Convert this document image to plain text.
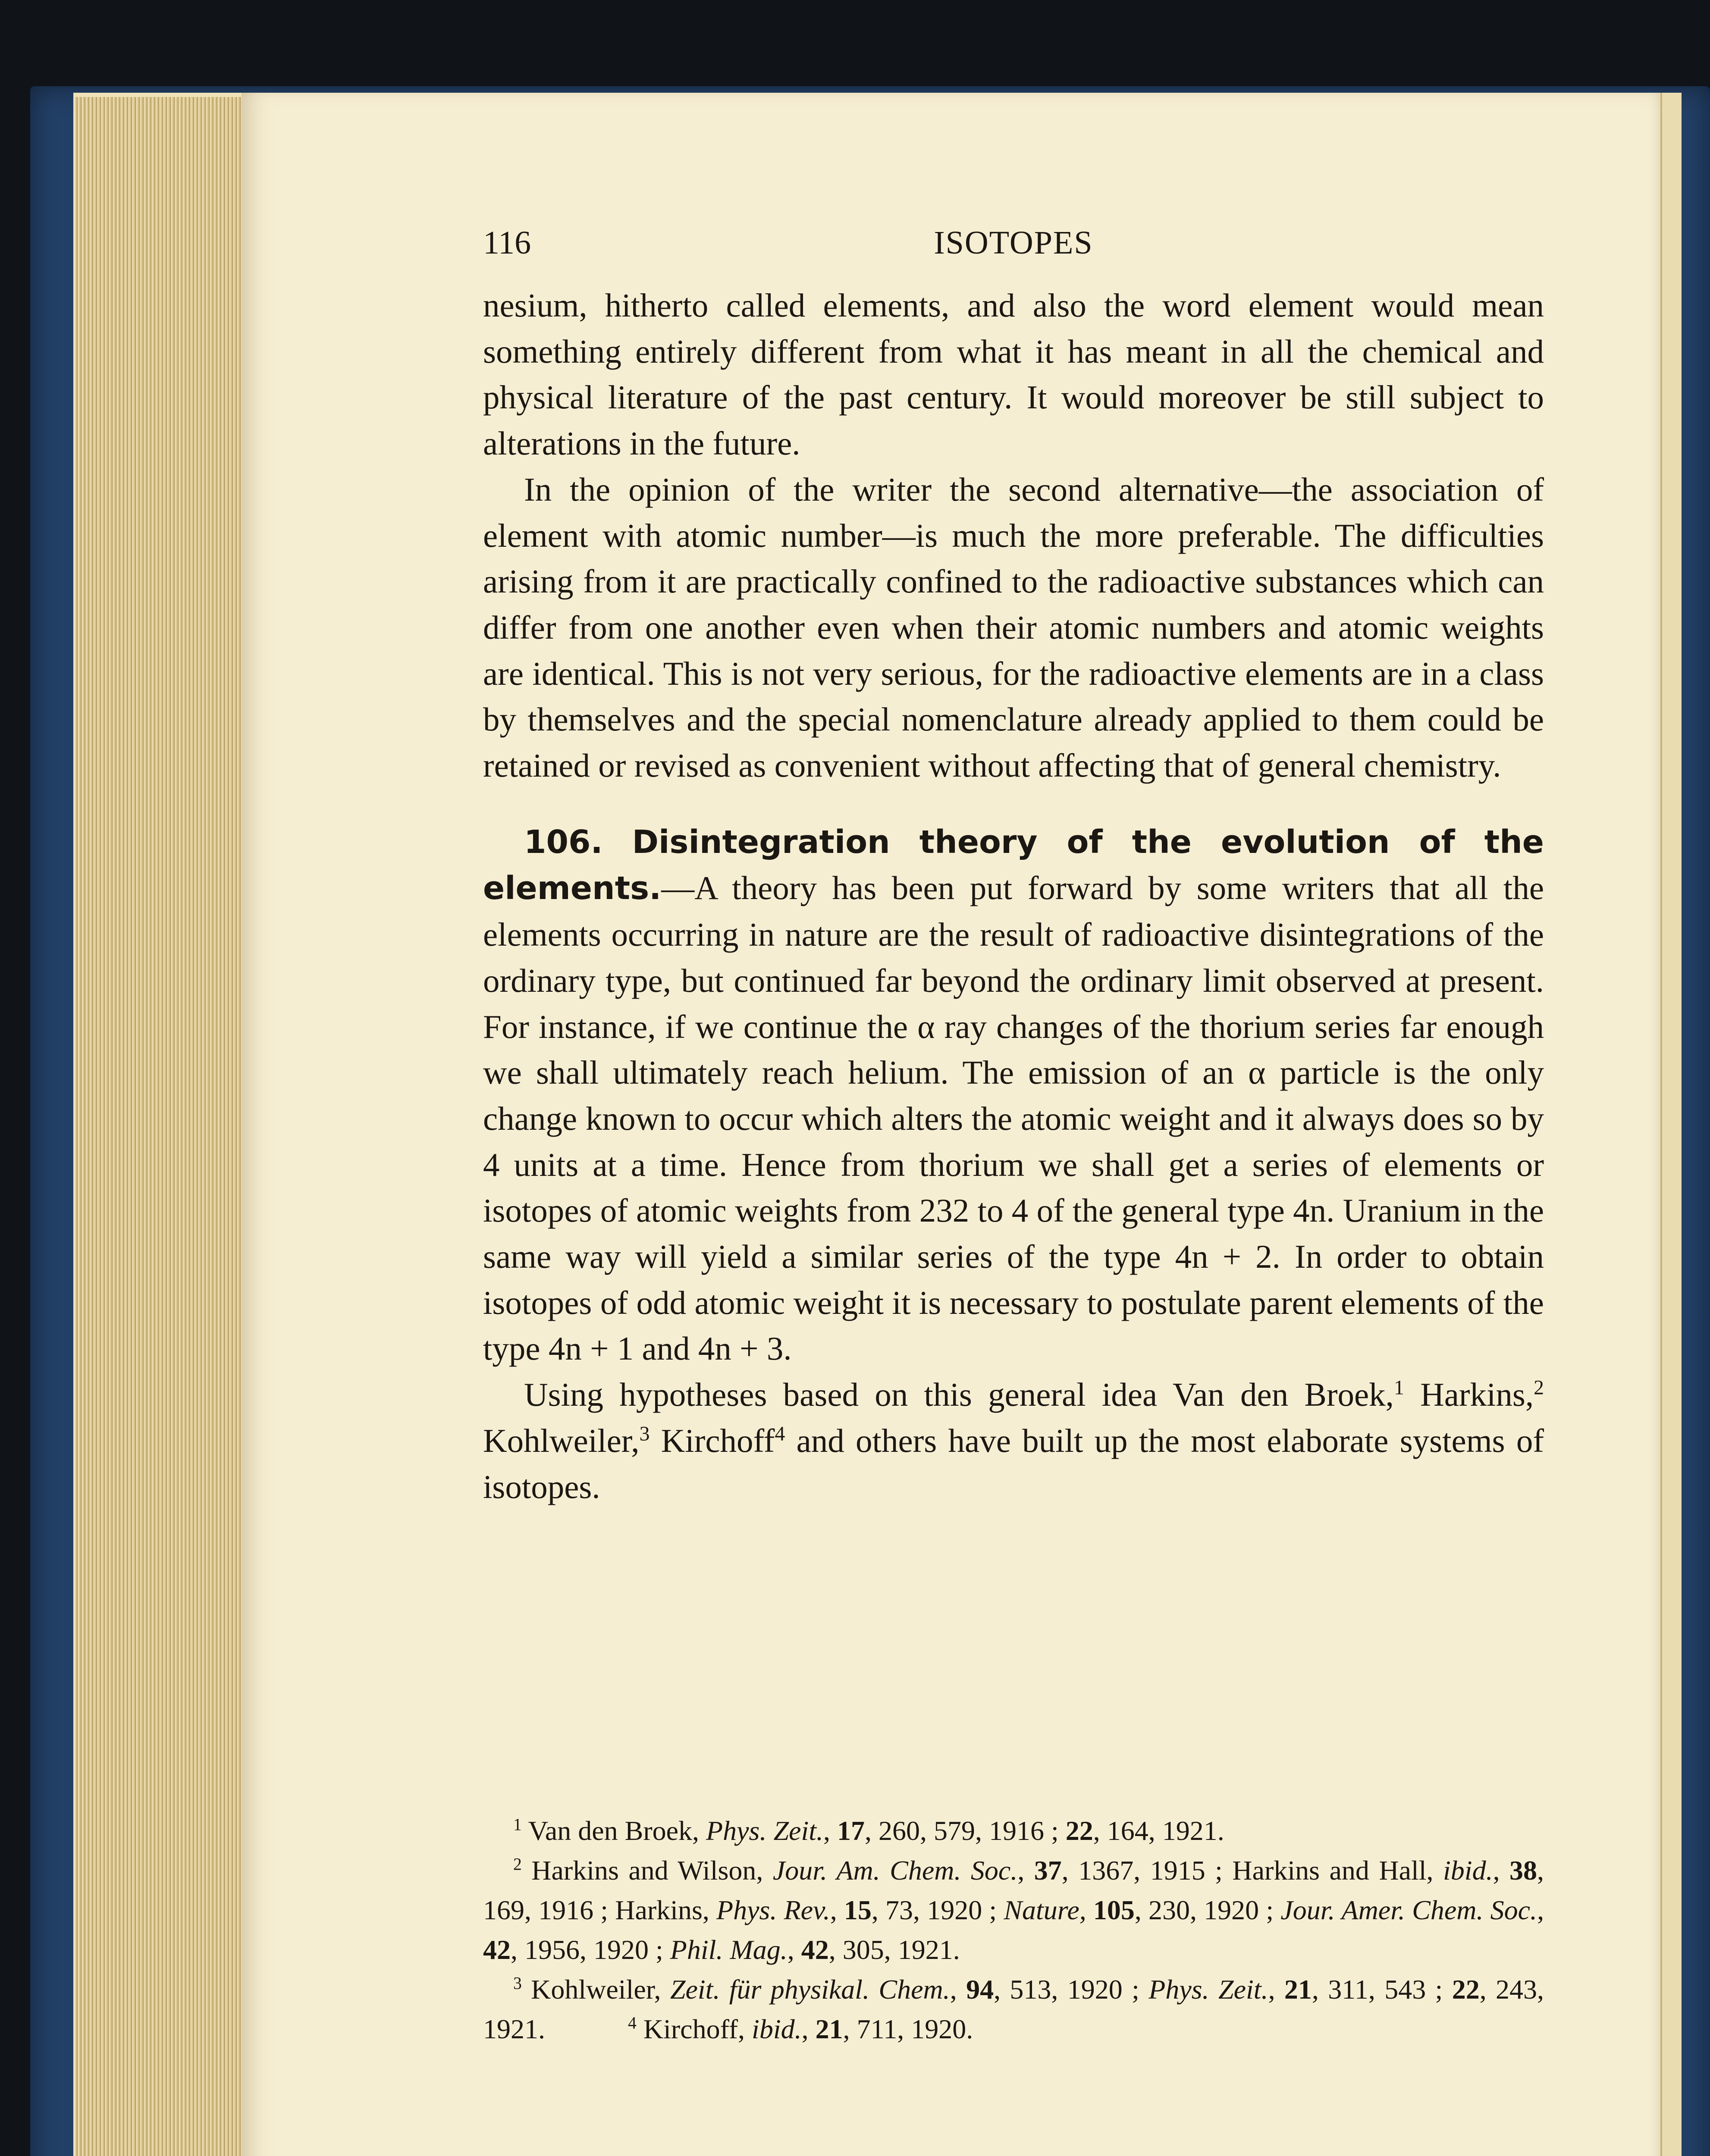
116	ISOTOPES

nesium, hitherto called elements, and also the word element would mean something entirely different from what it has meant in all the chemical and physical literature of the past century. It would moreover be still subject to alterations in the future.

In the opinion of the writer the second alternative—the association of element with atomic number—is much the more preferable. The difficulties arising from it are practically confined to the radioactive substances which can differ from one another even when their atomic numbers and atomic weights are identical. This is not very serious, for the radioactive elements are in a class by themselves and the special nomenclature already applied to them could be retained or revised as convenient without affecting that of general chemistry.

106. Disintegration theory of the evolution of the elements.—A theory has been put forward by some writers that all the elements occurring in nature are the result of radioactive disintegrations of the ordinary type, but continued far beyond the ordinary limit observed at present. For instance, if we continue the α ray changes of the thorium series far enough we shall ultimately reach helium. The emission of an α particle is the only change known to occur which alters the atomic weight and it always does so by 4 units at a time. Hence from thorium we shall get a series of elements or isotopes of atomic weights from 232 to 4 of the general type 4n. Uranium in the same way will yield a similar series of the type 4n + 2. In order to obtain isotopes of odd atomic weight it is necessary to postulate parent elements of the type 4n + 1 and 4n + 3.

Using hypotheses based on this general idea Van den Broek,$^1$ Harkins,$^2$ Kohlweiler,$^3$ Kirchoff$^4$ and others have built up the most elaborate systems of isotopes.

$^1$ Van den Broek, Phys. Zeit., 17, 260, 579, 1916 ; 22, 164, 1921.

$^2$ Harkins and Wilson, Jour. Am. Chem. Soc., 37, 1367, 1915 ; Harkins and Hall, ibid., 38, 169, 1916 ; Harkins, Phys. Rev., 15, 73, 1920 ; Nature, 105, 230, 1920 ; Jour. Amer. Chem. Soc., 42, 1956, 1920 ; Phil. Mag., 42, 305, 1921.

$^3$ Kohlweiler, Zeit. für physikal. Chem., 94, 513, 1920 ; Phys. Zeit., 21, 311, 543 ; 22, 243, 1921.   	$^4$ Kirchoff, ibid., 21, 711, 1920.
